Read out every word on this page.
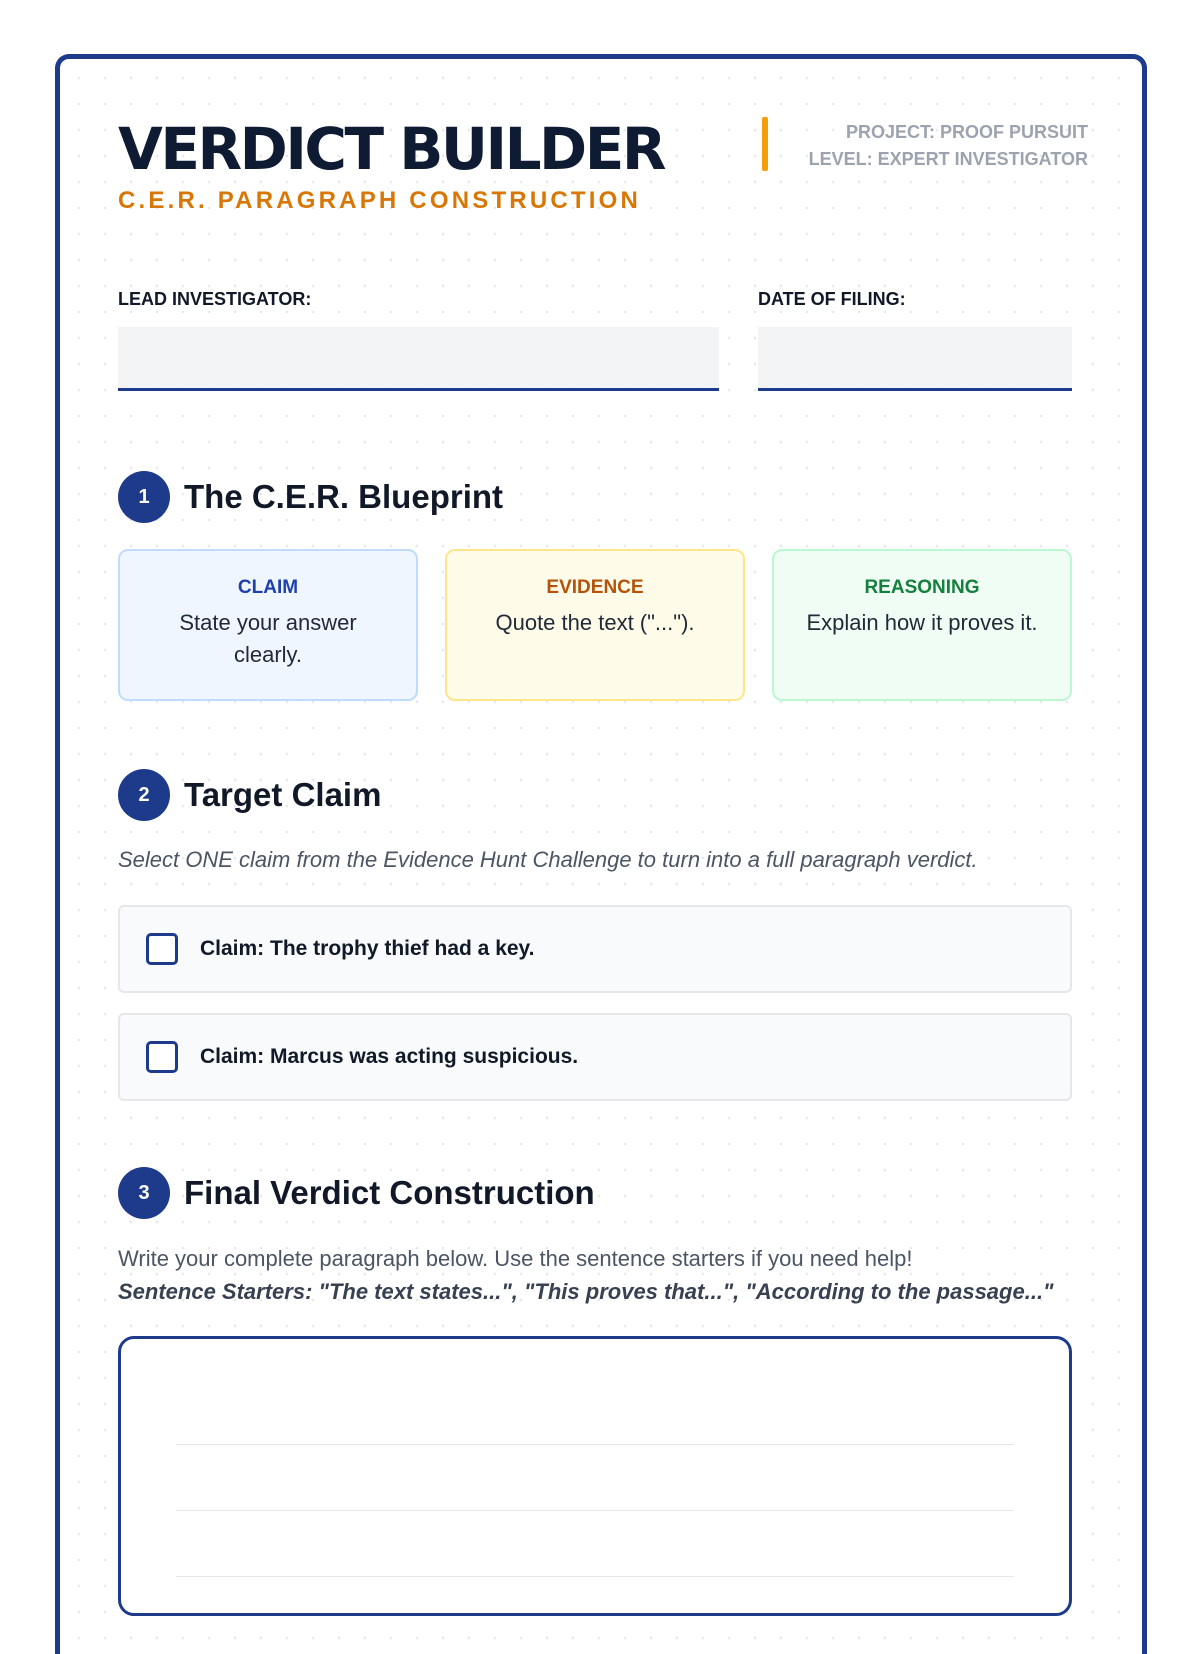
VERDICT BUILDER
C.E.R. PARAGRAPH CONSTRUCTION
PROJECT: PROOF PURSUIT
LEVEL: EXPERT INVESTIGATOR
LEAD INVESTIGATOR:	DATE OF FILING:
1	The C.E.R. Blueprint
CLAIM
State your answer clearly.
EVIDENCE
Quote the text ("...").
REASONING
Explain how it proves it.
2	Target Claim
Select ONE claim from the Evidence Hunt Challenge to turn into a full paragraph verdict.
Claim: The trophy thief had a key.
Claim: Marcus was acting suspicious.
3	Final Verdict Construction
Write your complete paragraph below. Use the sentence starters if you need help!
Sentence Starters: "The text states...", "This proves that...", "According to the passage..."
